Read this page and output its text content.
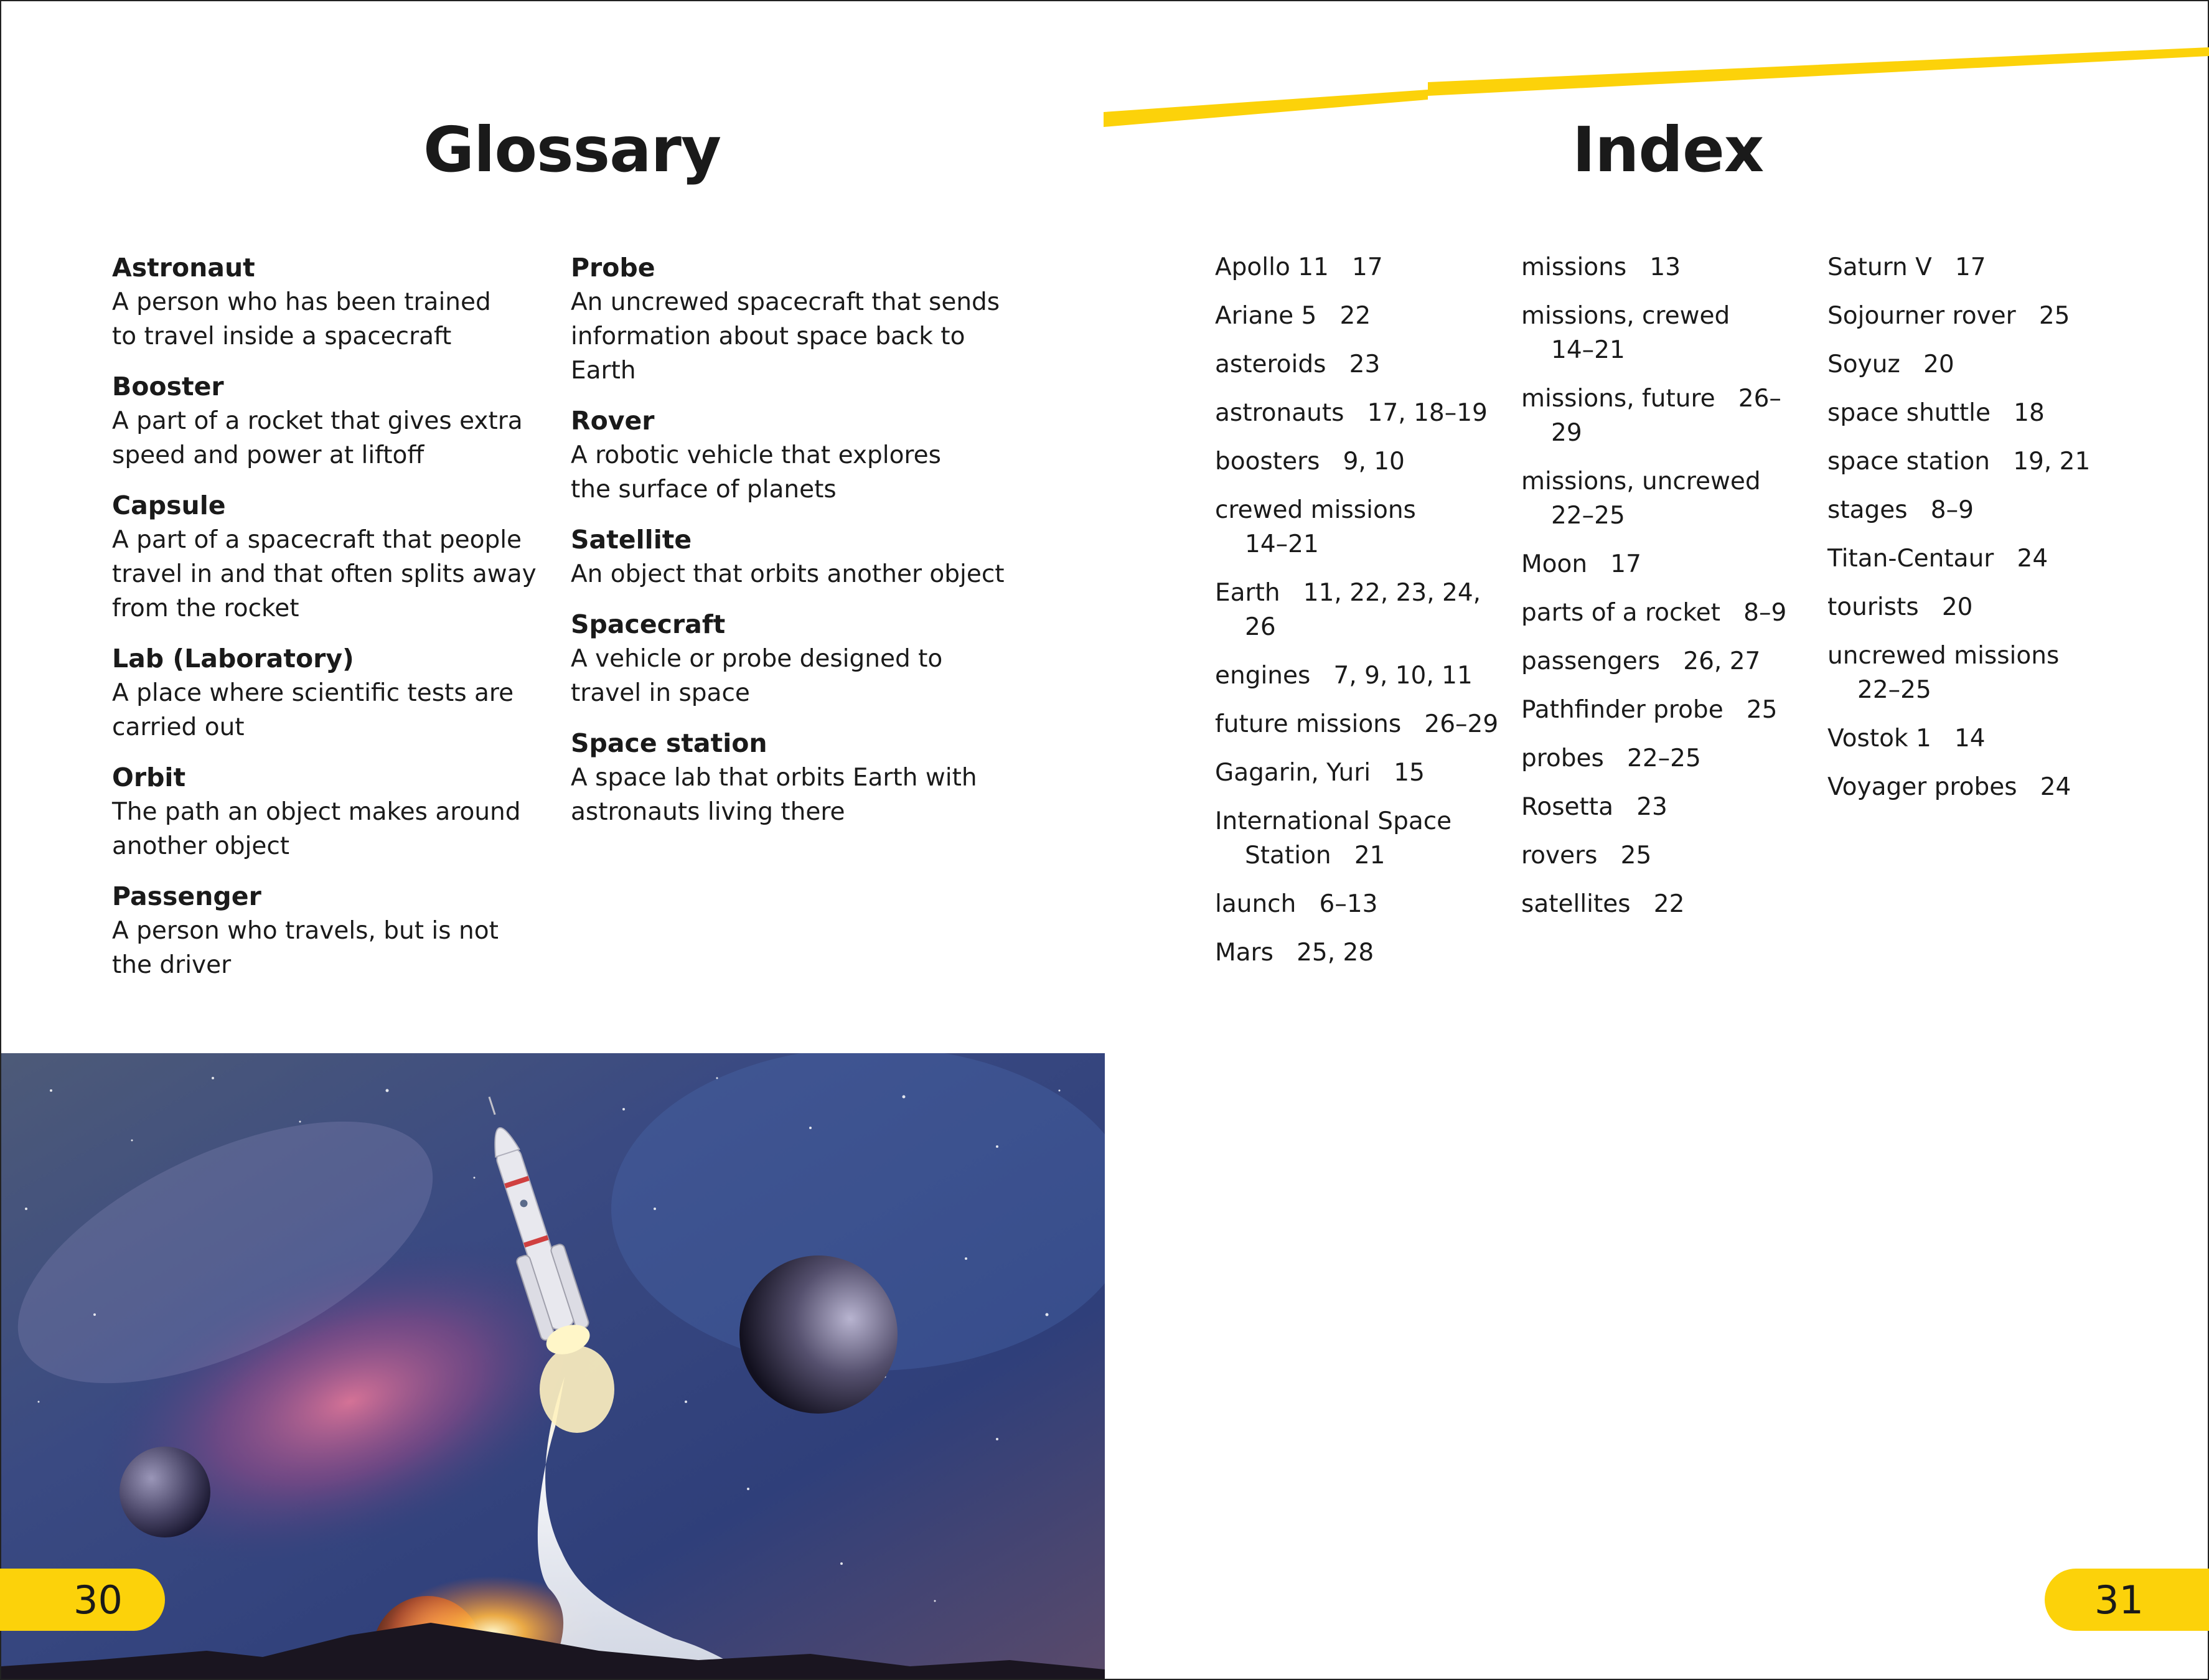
Glossary	Index

Astronaut

A person who has been trained
to travel inside a spacecraft

Booster

A part of a rocket that gives extra
speed and power at liftoff

Capsule

A part of a spacecraft that people
travel in and that often splits away
from the rocket

Lab (Laboratory)

A place where scientific tests are
carried out

Orbit

The path an object makes around
another object

Passenger

A person who travels, but is not
the driver

Probe

An uncrewed spacecraft that sends
information about space back to
Earth

Rover

A robotic vehicle that explores
the surface of planets

Satellite

An object that orbits another object

Spacecraft

A vehicle or probe designed to
travel in space

Space station

A space lab that orbits Earth with
astronauts living there

Apollo 11   17

Ariane 5   22

asteroids   23

astronauts   17, 18–19

boosters   9, 10

crewed missions   14–21

Earth   11, 22, 23, 24, 26

engines   7, 9, 10, 11

future missions   26–29

Gagarin, Yuri   15

International Space Station   21

launch   6–13

Mars   25, 28

missions   13

missions, crewed   14–21

missions, future   26–29

missions, uncrewed   22–25

Moon   17

parts of a rocket   8–9

passengers   26, 27

Pathfinder probe   25

probes   22–25

Rosetta   23

rovers   25

satellites   22

Saturn V   17

Sojourner rover   25

Soyuz   20

space shuttle   18

space station   19, 21

stages   8–9

Titan-Centaur   24

tourists   20

uncrewed missions   22–25

Vostok 1   14

Voyager probes   24

30	31
